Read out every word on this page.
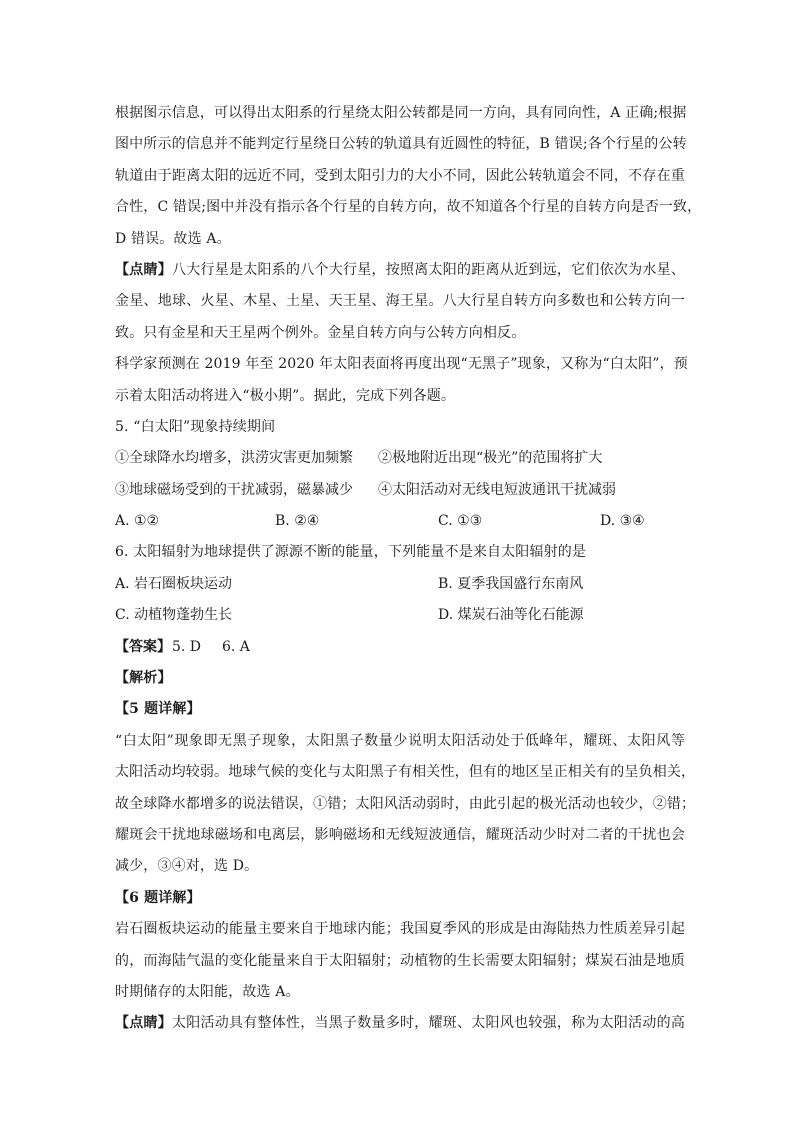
根据图示信息，可以得出太阳系的行星绕太阳公转都是同一方向，具有同向性，A 正确;根据
图中所示的信息并不能判定行星绕日公转的轨道具有近圆性的特征，B 错误;各个行星的公转
轨道由于距离太阳的远近不同，受到太阳引力的大小不同，因此公转轨道会不同，不存在重
合性，C 错误;图中并没有指示各个行星的自转方向，故不知道各个行星的自转方向是否一致，
D 错误。故选 A。
【点睛】八大行星是太阳系的八个大行星，按照离太阳的距离从近到远，它们依次为水星、
金星、地球、火星、木星、土星、天王星、海王星。八大行星自转方向多数也和公转方向一
致。只有金星和天王星两个例外。金星自转方向与公转方向相反。
科学家预测在 2019 年至 2020 年太阳表面将再度出现“无黑子”现象，又称为“白太阳”，预
示着太阳活动将进入“极小期”。据此，完成下列各题。
5. “白太阳”现象持续期间
①全球降水均增多，洪涝灾害更加频繁 ②极地附近出现“极光”的范围将扩大
③地球磁场受到的干扰减弱，磁暴减少 ④太阳活动对无线电短波通讯干扰减弱
A. ①②	B. ②④	C. ①③	D. ③④
6. 太阳辐射为地球提供了源源不断的能量，下列能量不是来自太阳辐射的是
A. 岩石圈板块运动	B. 夏季我国盛行东南风
C. 动植物蓬勃生长	D. 煤炭石油等化石能源
【答案】 5. D 6. A
【解析】
【5 题详解】
“白太阳”现象即无黑子现象，太阳黑子数量少说明太阳活动处于低峰年，耀斑、太阳风等
太阳活动均较弱。地球气候的变化与太阳黑子有相关性，但有的地区呈正相关有的呈负相关，
故全球降水都增多的说法错误，①错；太阳风活动弱时，由此引起的极光活动也较少，②错；
耀斑会干扰地球磁场和电离层，影响磁场和无线短波通信，耀斑活动少时对二者的干扰也会
减少，③④对，选 D。
【6 题详解】
岩石圈板块运动的能量主要来自于地球内能；我国夏季风的形成是由海陆热力性质差异引起
的，而海陆气温的变化能量来自于太阳辐射；动植物的生长需要太阳辐射；煤炭石油是地质
时期储存的太阳能，故选 A。
【点睛】太阳活动具有整体性，当黑子数量多时，耀斑、太阳风也较强，称为太阳活动的高
